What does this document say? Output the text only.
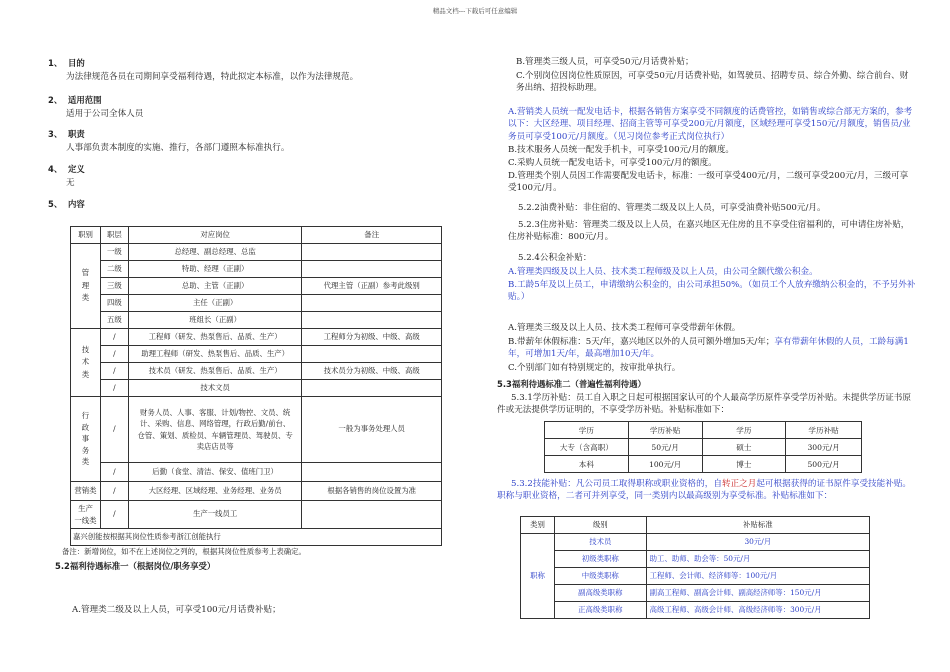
精品文档---下载后可任意编辑
1、 目的
为法律规范各员在司期间享受福利待遇，特此拟定本标准，以作为法律规范。
2、 适用范围
适用于公司全体人员
3、 职责
人事部负责本制度的实施、推行，各部门遵照本标准执行。
4、 定义
无
5、 内容
职别	职层	对应岗位	备注
管
理
类	一级	总经理、副总经理、总监	
	二级	特助、经理（正副）	
	三级	总助、主管（正副）	代理主管（正副）参考此级别
	四级	主任（正副）	
	五级	班组长（正副）	
技
术
类	/	工程师（研发、热泵售后、品质、生产）	工程师分为初级、中级、高级
	/	助理工程师（研发、热泵售后、品质、生产）	
	/	技术员（研发、热泵售后、品质、生产）	技术员分为初级、中级、高级
	/	技术文员	
行
政
事
务
类	/	财务人员、人事、客服、计划/物控、文员、统计、采购、信息、网络管理，行政后勤/前台、仓管、策划、质检员、车辆管理员、驾驶员、专卖店店员等	一般为事务处理人员
	/	后勤（食堂、清洁、保安、值班门卫）	
营销类	/	大区经理、区域经理、业务经理、业务员	根据各销售的岗位设置为准
生产
一线类	/	生产一线员工	
嘉兴创能按根据其岗位性质参考浙江创能执行			
备注：新增岗位，如不在上述岗位之列的，根据其岗位性质参考上表确定。
5.2福利待遇标准一（根据岗位/职务享受）
A.管理类二级及以上人员，可享受100元/月话费补贴；
B.管理类三级人员，可享受50元/月话费补贴；
C.个别岗位因岗位性质原因，可享受50元/月话费补贴，如驾驶员、招聘专员、综合外勤、综合前台、财务出纳、招投标助理。
A.营销类人员统一配发电话卡，根据各销售方案享受不同额度的话费管控，如销售或综合部无方案的，参考以下：大区经理、项目经理、招商主管等可享受200元/月额度，区域经理可享受150元/月额度，销售员/业务员可享受100元/月额度。（见习岗位参考正式岗位执行）
B.技术服务人员统一配发手机卡，可享受100元/月的额度。
C.采购人员统一配发电话卡，可享受100元/月的额度。
D.管理类个别人员因工作需要配发电话卡，标准：一级可享受400元/月，二级可享受200元/月，三级可享受100元/月。
5.2.2油费补贴：非住宿的、管理类二级及以上人员，可享受油费补贴500元/月。
5.2.3住房补贴：管理类二级及以上人员，在嘉兴地区无住房的且不享受住宿福利的，可申请住房补贴，住房补贴标准：800元/月。
5.2.4公积金补贴：
A.管理类四级及以上人员、技术类工程师级及以上人员，由公司全额代缴公积金。
B.工龄5年及以上员工，申请缴纳公积金的，由公司承担50%。（如员工个人放弃缴纳公积金的，不予另外补贴。）
A.管理类三级及以上人员、技术类工程师可享受带薪年休假。
B.带薪年休假标准：5天/年，嘉兴地区以外的人员可额外增加5天/年；享有带薪年休假的人员，工龄每满1年，可增加1天/年，最高增加10天/年。
C.个别部门如有特别规定的，按审批单执行。
5.3福利待遇标准二（普遍性福利待遇）
5.3.1学历补贴：员工自入职之日起可根据国家认可的个人最高学历原件享受学历补贴。未提供学历证书原件或无法提供学历证明的，不享受学历补贴。补贴标准如下：
学历	学历补贴	学历	学历补贴
大专（含高职）	50元/月	硕士	300元/月
本科	100元/月	博士	500元/月
5.3.2技能补贴：凡公司员工取得职称或职业资格的，自转正之月起可根据获得的证书原件享受技能补贴。职称与职业资格，二者可并列享受，同一类别内以最高级别为享受标准。补贴标准如下：
类别	级别	补贴标准
职称	技术员	30元/月
	初级类职称	助工、助师、助会等：50元/月
	中级类职称	工程师、会计师、经济师等：100元/月
	副高级类职称	副高工程师、副高会计师、副高经济师等：150元/月
	正高级类职称	高级工程师、高级会计师、高级经济师等：300元/月
